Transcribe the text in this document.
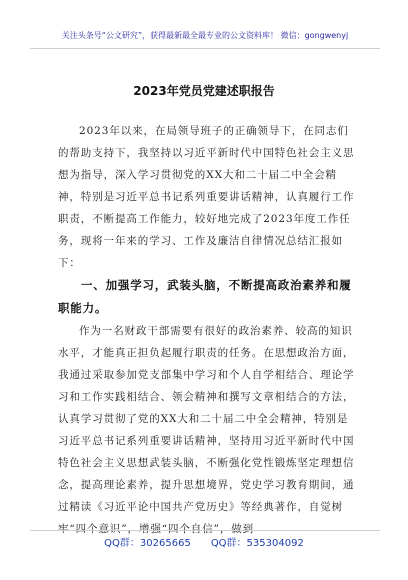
关注头条号“公文研究”，获得最新最全最专业的公文资料库！ 微信：gongwenyj
2023年党员党建述职报告

2023年以来，在局领导班子的正确领导下，在同志们的帮助支持下，我坚持以习近平新时代中国特色社会主义思想为指导，深入学习贯彻党的XX大和二十届二中全会精神，特别是习近平总书记系列重要讲话精神，认真履行工作职责，不断提高工作能力，较好地完成了2023年度工作任务，现将一年来的学习、工作及廉洁自律情况总结汇报如下：

一、加强学习，武装头脑，不断提高政治素养和履职能力。

作为一名财政干部需要有很好的政治素养、较高的知识水平，才能真正担负起履行职责的任务。在思想政治方面，我通过采取参加党支部集中学习和个人自学相结合、理论学习和工作实践相结合、领会精神和撰写文章相结合的方法，认真学习贯彻了党的XX大和二十届二中全会精神，特别是习近平总书记系列重要讲话精神，坚持用习近平新时代中国特色社会主义思想武装头脑，不断强化党性锻炼坚定理想信念，提高理论素养，提升思想境界，党史学习教育期间，通过精读《习近平论中国共产党历史》等经典著作，自觉树牢“四个意识”，增强“四个自信”，做到

QQ群：30265665 QQ群：535304092
